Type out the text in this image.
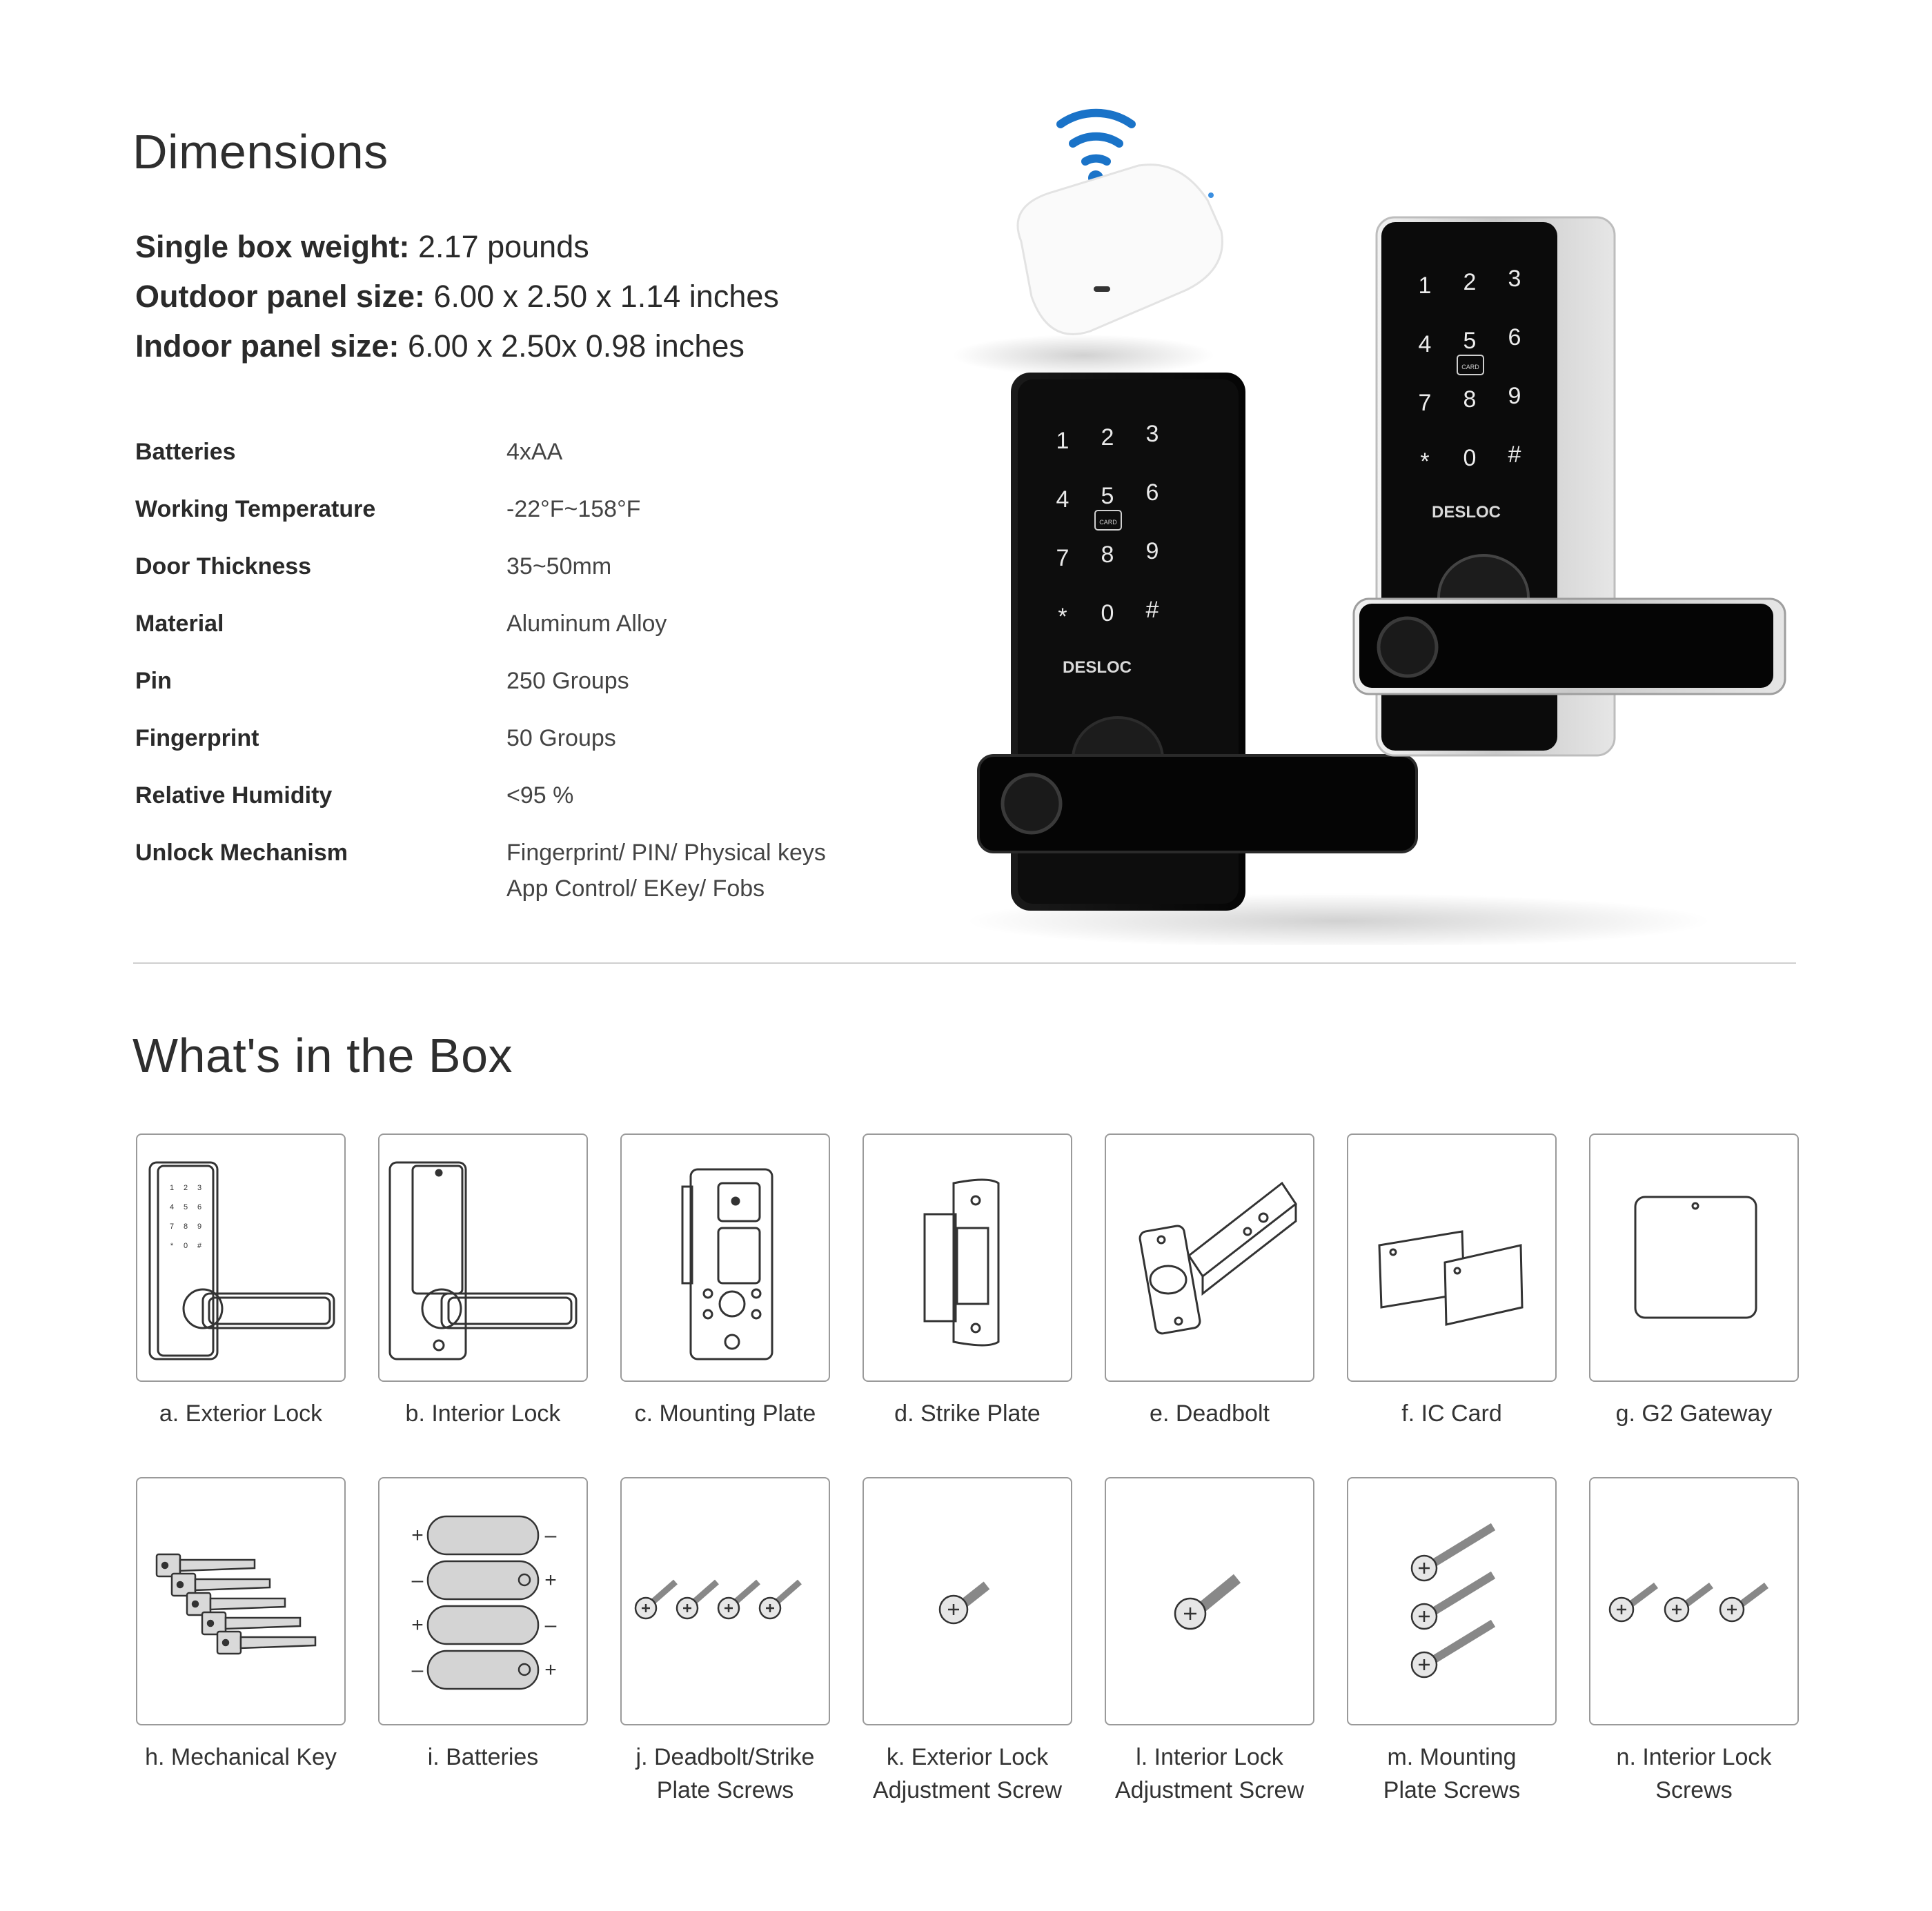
Dimensions
Single box weight: 2.17 pounds
Outdoor panel size: 6.00 x 2.50 x 1.14 inches
Indoor panel size: 6.00 x 2.50x 0.98 inches
Batteries	4xAA
Working Temperature	-22°F~158°F
Door Thickness	35~50mm
Material	Aluminum Alloy
Pin	250 Groups
Fingerprint	50 Groups
Relative Humidity	<95 %
Unlock Mechanism	Fingerprint/ PIN/ Physical keys
App Control/ EKey/ Fobs
1 2 3
4 5 6
7 8 9
* 0 #
CARD
DESLOC
1 2 3
4 5 6
7 8 9
* 0 #
CARD
DESLOC
What's in the Box
1 2 3
4 5 6
7 8 9
* 0 #
a. Exterior Lock	b. Interior Lock	c. Mounting Plate	d. Strike Plate	e. Deadbolt	f. IC Card	g. G2 Gateway
h. Mechanical Key
+	–
–	+
+	–
–	+
i. Batteries	j. Deadbolt/Strike
Plate Screws
k. Exterior Lock
Adjustment Screw
l. Interior Lock
Adjustment Screw
m. Mounting
Plate Screws
n. Interior Lock
Screws
